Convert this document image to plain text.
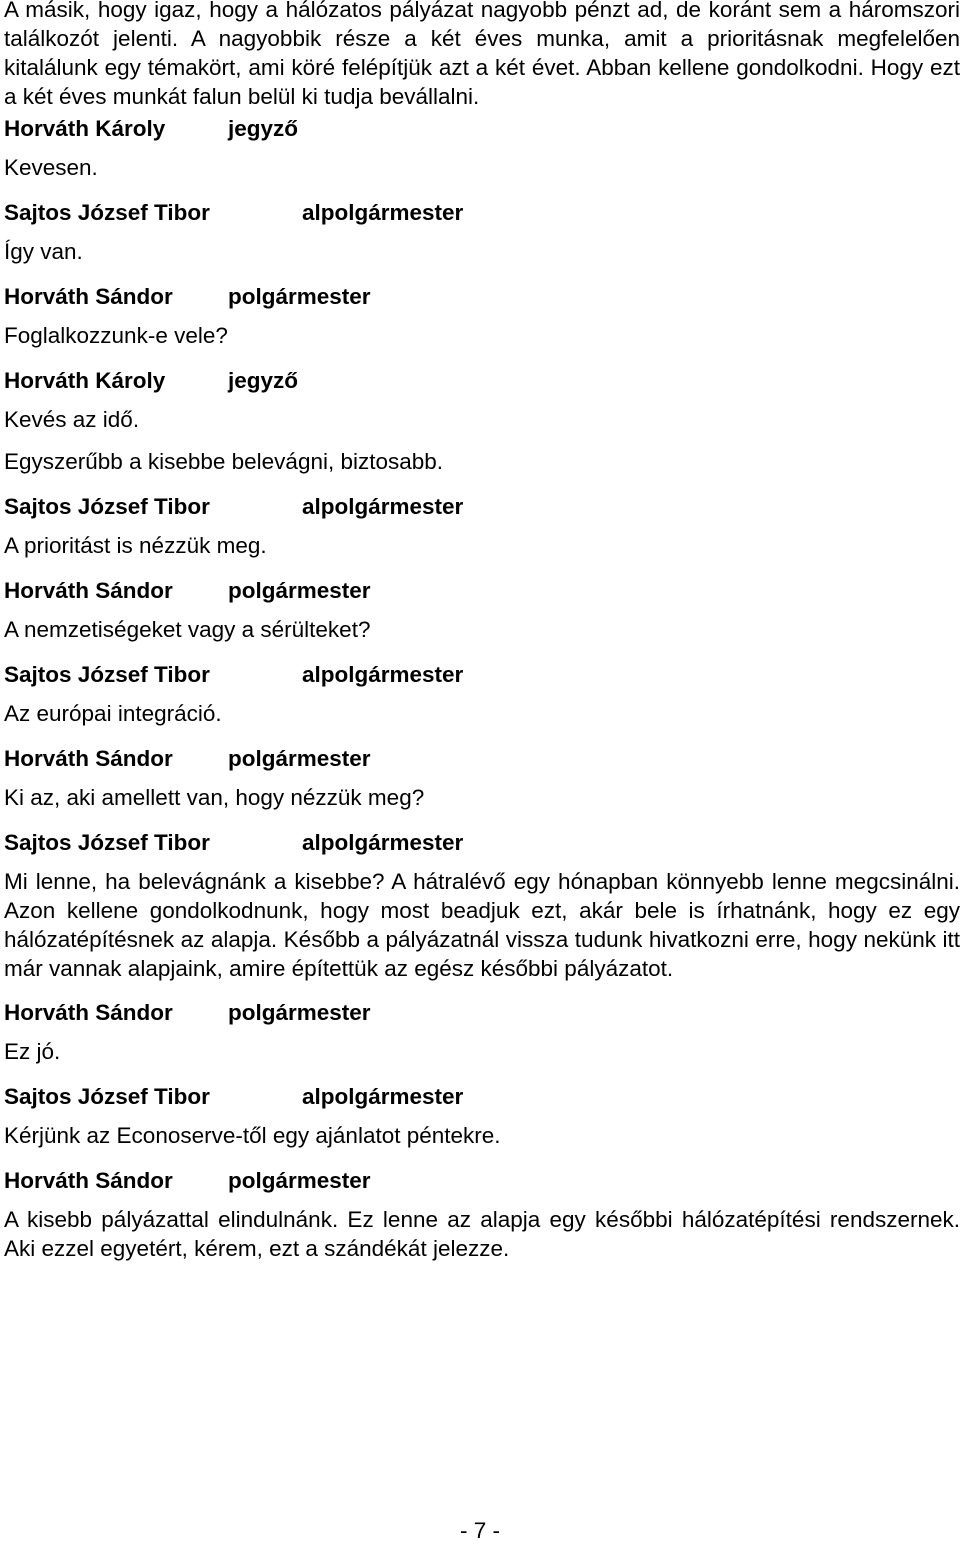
A másik, hogy igaz, hogy a hálózatos pályázat nagyobb pénzt ad, de koránt sem a háromszori találkozót jelenti. A nagyobbik része a két éves munka, amit a prioritásnak megfelelően kitalálunk egy témakört, ami köré felépítjük azt a két évet. Abban kellene gondolkodni. Hogy ezt a két éves munkát falun belül ki tudja bevállalni.

Horváth Károly	jegyző

Kevesen.

Sajtos József Tibor	alpolgármester

Így van.

Horváth Sándor polgármester

Foglalkozzunk-e vele?

Horváth Károly	jegyző

Kevés az idő.

Egyszerűbb a kisebbe belevágni, biztosabb.

Sajtos József Tibor	alpolgármester

A prioritást is nézzük meg.

Horváth Sándor polgármester

A nemzetiségeket vagy a sérülteket?

Sajtos József Tibor	alpolgármester

Az európai integráció.

Horváth Sándor polgármester

Ki az, aki amellett van, hogy nézzük meg?

Sajtos József Tibor	alpolgármester

Mi lenne, ha belevágnánk a kisebbe? A hátralévő egy hónapban könnyebb lenne megcsinálni. Azon kellene gondolkodnunk, hogy most beadjuk ezt, akár bele is írhatnánk, hogy ez egy hálózatépítésnek az alapja. Később a pályázatnál vissza tudunk hivatkozni erre, hogy nekünk itt már vannak alapjaink, amire építettük az egész későbbi pályázatot.

Horváth Sándor polgármester

Ez jó.

Sajtos József Tibor	alpolgármester

Kérjünk az Econoserve-től egy ajánlatot péntekre.

Horváth Sándor polgármester

A kisebb pályázattal elindulnánk. Ez lenne az alapja egy későbbi hálózatépítési rendszernek. Aki ezzel egyetért, kérem, ezt a szándékát jelezze.

- 7 -
